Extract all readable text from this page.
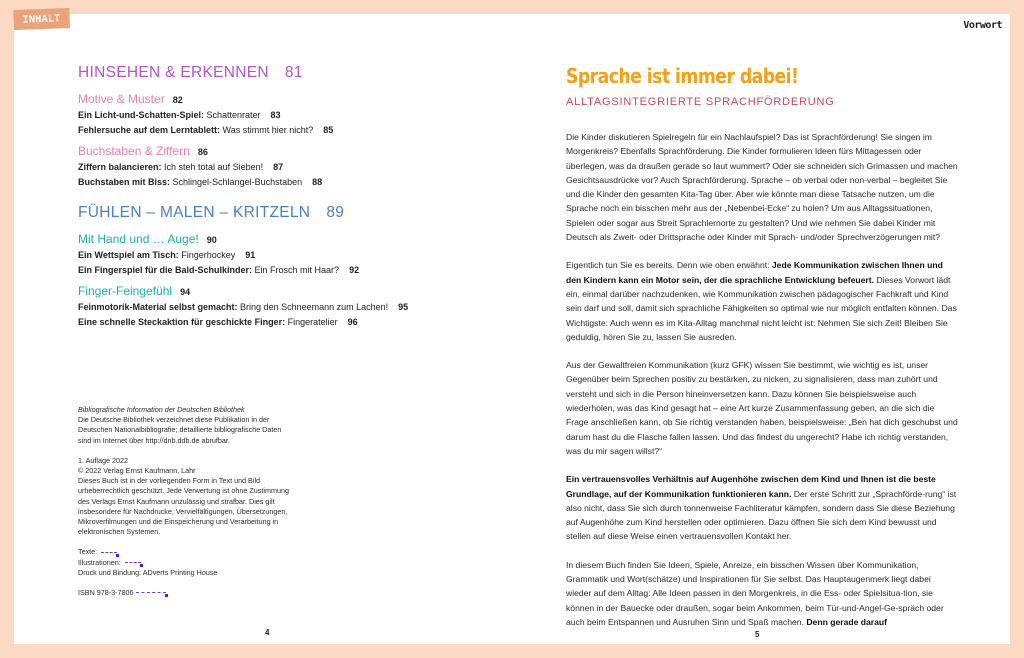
INHALT
Vorwort
HINSEHEN & ERKENNEN 81
Motive & Muster 82
Ein Licht-und-Schatten-Spiel: Schattenrater 83
Fehlersuche auf dem Lerntablett: Was stimmt hier nicht? 85
Buchstaben & Ziffern 86
Ziffern balancieren: Ich steh total auf Sieben! 87
Buchstaben mit Biss: Schlingel-Schlangel-Buchstaben 88
FÜHLEN – MALEN – KRITZELN 89
Mit Hand und … Auge! 90
Ein Wettspiel am Tisch: Fingerhockey 91
Ein Fingerspiel für die Bald-Schulkinder: Ein Frosch mit Haar? 92
Finger-Feingefühl 94
Feinmotorik-Material selbst gemacht: Bring den Schneemann zum Lachen! 95
Eine schnelle Steckaktion für geschickte Finger: Fingeratelier 96
Bibliografische Information der Deutschen Bibliothek
Die Deutsche Bibliothek verzeichnet diese Publikation in der
Deutschen Nationalbibliografie; detaillierte bibliografische Daten
sind im Internet über http://dnb.ddb.de abrufbar.
1. Auflage 2022
© 2022 Verlag Ernst Kaufmann, Lahr
Dieses Buch ist in der vorliegenden Form in Text und Bild
urheberrechtlich geschützt. Jede Verwertung ist ohne Zustimmung
des Verlags Ernst Kaufmann unzulässig und strafbar. Dies gilt
insbesondere für Nachdrucke, Vervielfältigungen, Übersetzungen,
Mikroverfilmungen und die Einspeicherung und Verarbeitung in
elektronischen Systemen.
Texte:
Illustrationen:
Druck und Bindung: ADverts Printing House
ISBN 978-3-7806
4	5
Sprache ist immer dabei!
ALLTAGSINTEGRIERTE SPRACHFÖRDERUNG

Die Kinder diskutieren Spielregeln für ein Nachlaufspiel? Das ist Sprachförderung! Sie singen im Morgenkreis? Ebenfalls Sprachförderung. Die Kinder formulieren Ideen fürs Mittagessen oder überlegen, was da draußen gerade so laut wummert? Oder sie schneiden sich Grimassen und machen Gesichtsausdrücke vor? Auch Sprachförderung. Sprache – ob verbal oder non-verbal – begleitet Sie und die Kinder den gesamten Kita-Tag über. Aber wie könnte man diese Tatsache nutzen, um die Sprache noch ein bisschen mehr aus der „Nebenbei-Ecke“ zu holen? Um aus Alltagssituationen, Spielen oder sogar aus Streit Sprachlernorte zu gestalten? Und wie nehmen Sie dabei Kinder mit Deutsch als Zweit- oder Drittsprache oder Kinder mit Sprach- und/oder Sprechverzögerungen mit?

Eigentlich tun Sie es bereits. Denn wie oben erwähnt: Jede Kommunikation zwischen Ihnen und den Kindern kann ein Motor sein, der die sprachliche Entwicklung befeuert. Dieses Vorwort lädt ein, einmal darüber nachzudenken, wie Kommunikation zwischen pädagogischer Fachkraft und Kind sein darf und soll, damit sich sprachliche Fähigkeiten so optimal wie nur möglich entfalten können. Das Wichtigste: Auch wenn es im Kita-Alltag manchmal nicht leicht ist: Nehmen Sie sich Zeit! Bleiben Sie geduldig, hören Sie zu, lassen Sie ausreden.

Aus der Gewaltfreien Kommunikation (kurz GFK) wissen Sie bestimmt, wie wichtig es ist, unser Gegenüber beim Sprechen positiv zu bestärken, zu nicken, zu signalisieren, dass man zuhört und versteht und sich in die Person hineinversetzen kann. Dazu können Sie beispielsweise auch wiederholen, was das Kind gesagt hat – eine Art kurze Zusammenfassung geben, an die sich die Frage anschließen kann, ob Sie richtig verstanden haben, beispielsweise: „Ben hat dich geschubst und darum hast du die Flasche fallen lassen. Und das findest du ungerecht? Habe ich richtig verstanden, was du mir sagen willst?“

Ein vertrauensvolles Verhältnis auf Augenhöhe zwischen dem Kind und Ihnen ist die beste Grundlage, auf der Kommunikation funktionieren kann. Der erste Schritt zur „Sprachförde-rung“ ist also nicht, dass Sie sich durch tonnenweise Fachliteratur kämpfen, sondern dass Sie diese Beziehung auf Augenhöhe zum Kind herstellen oder optimieren. Dazu öffnen Sie sich dem Kind bewusst und stellen auf diese Weise einen vertrauensvollen Kontakt her.

In diesem Buch finden Sie Ideen, Spiele, Anreize, ein bisschen Wissen über Kommunikation, Grammatik und Wort(schätze) und Inspirationen für Sie selbst. Das Hauptaugenmerk liegt dabei wieder auf dem Alltag: Alle Ideen passen in den Morgenkreis, in die Ess- oder Spielsitua-tion, sie können in der Bauecke oder draußen, sogar beim Ankommen, beim Tür-und-Angel-Ge-spräch oder auch beim Entspannen und Ausruhen Sinn und Spaß machen. Denn gerade darauf
